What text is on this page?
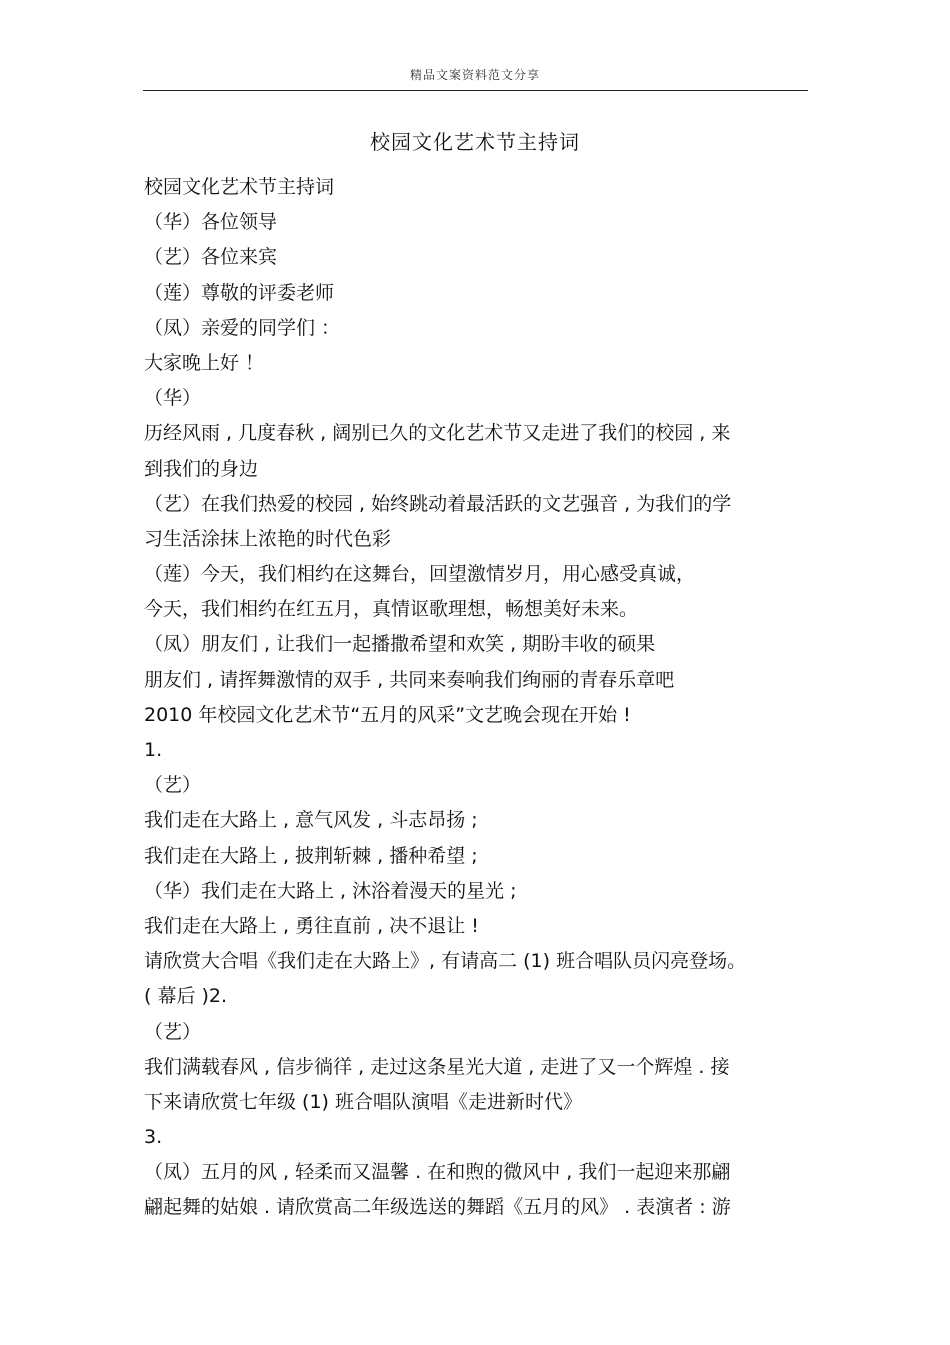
精品文案资料范文分享
校园文化艺术节主持词
校园文化艺术节主持词
（华）各位领导
（艺）各位来宾
（莲）尊敬的评委老师
（凤）亲爱的同学们 ：
大家晚上好 ！
（华）
历经风雨 , 几度春秋 , 阔别已久的文化艺术节又走进了我们的校园 , 来
到我们的身边
（艺）在我们热爱的校园 , 始终跳动着最活跃的文艺强音 , 为我们的学
习生活涂抹上浓艳的时代色彩
（莲）今天，我们相约在这舞台，回望激情岁月，用心感受真诚，
今天，我们相约在红五月，真情讴歌理想，畅想美好未来。
（凤）朋友们 , 让我们一起播撒希望和欢笑 , 期盼丰收的硕果
朋友们 , 请挥舞激情的双手 , 共同来奏响我们绚丽的青春乐章吧
2010 年校园文化艺术节“五月的风采”文艺晚会现在开始 !
1.
（艺）
我们走在大路上 , 意气风发 , 斗志昂扬 ;
我们走在大路上 , 披荆斩棘 , 播种希望 ;
（华）我们走在大路上 , 沐浴着漫天的星光 ;
我们走在大路上 , 勇往直前 , 决不退让 !
请欣赏大合唱《我们走在大路上》, 有请高二 (1) 班合唱队员闪亮登场。
( 幕后 )2.
（艺）
我们满载春风 , 信步徜徉 , 走过这条星光大道 , 走进了又一个辉煌 . 接
下来请欣赏七年级 (1) 班合唱队演唱《走进新时代》
3.
（凤）五月的风 , 轻柔而又温馨 . 在和煦的微风中 , 我们一起迎来那翩
翩起舞的姑娘 . 请欣赏高二年级选送的舞蹈《五月的风》 . 表演者 : 游
